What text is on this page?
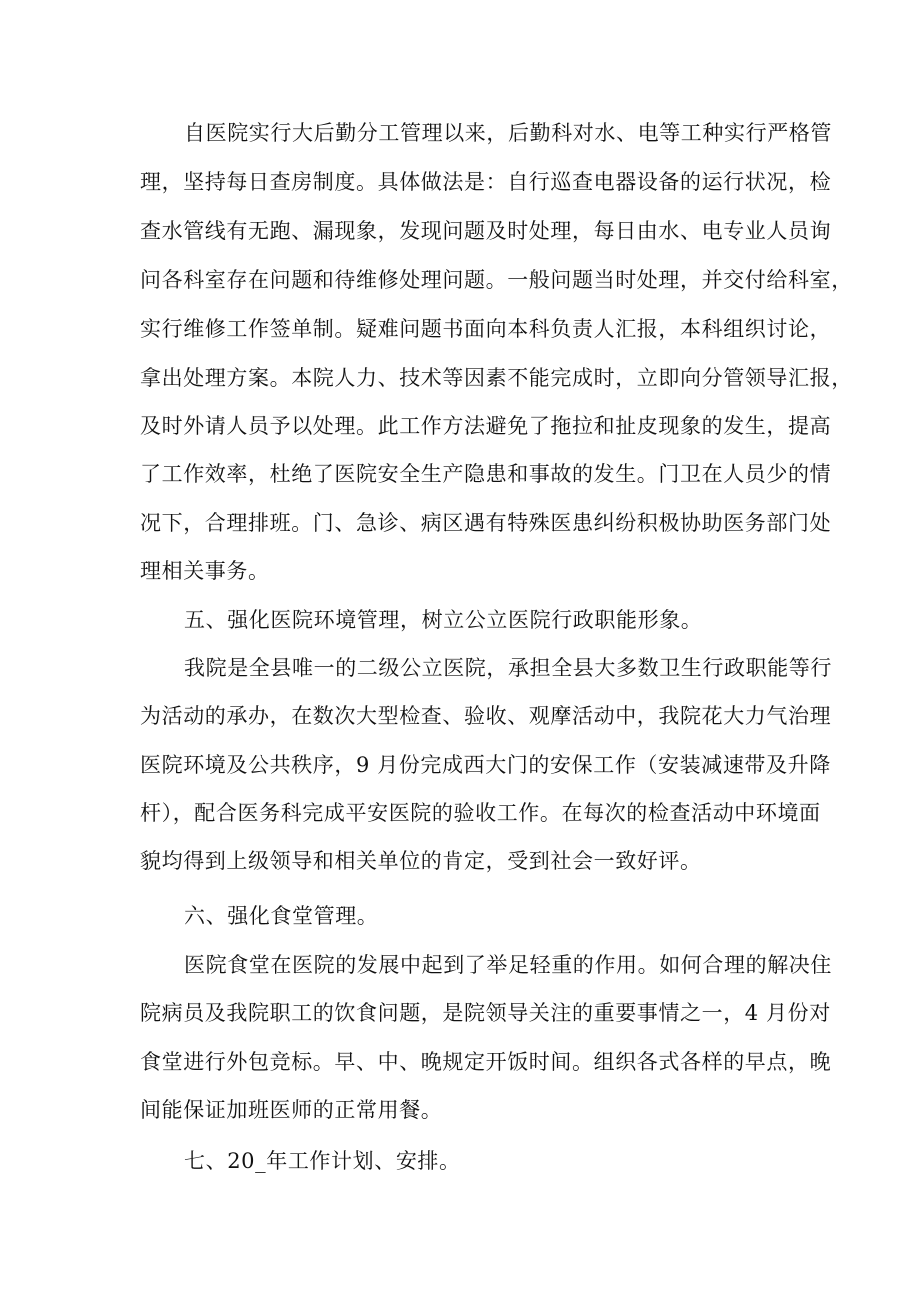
自医院实行大后勤分工管理以来，后勤科对水、电等工种实行严格管
理，坚持每日查房制度。具体做法是：自行巡查电器设备的运行状况，检
查水管线有无跑、漏现象，发现问题及时处理，每日由水、电专业人员询
问各科室存在问题和待维修处理问题。一般问题当时处理，并交付给科室，
实行维修工作签单制。疑难问题书面向本科负责人汇报，本科组织讨论，
拿出处理方案。本院人力、技术等因素不能完成时，立即向分管领导汇报，
及时外请人员予以处理。此工作方法避免了拖拉和扯皮现象的发生，提高
了工作效率，杜绝了医院安全生产隐患和事故的发生。门卫在人员少的情
况下，合理排班。门、急诊、病区遇有特殊医患纠纷积极协助医务部门处
理相关事务。
五、强化医院环境管理，树立公立医院行政职能形象。
我院是全县唯一的二级公立医院，承担全县大多数卫生行政职能等行
为活动的承办，在数次大型检查、验收、观摩活动中，我院花大力气治理
医院环境及公共秩序，9 月份完成西大门的安保工作（安装减速带及升降
杆），配合医务科完成平安医院的验收工作。在每次的检查活动中环境面
貌均得到上级领导和相关单位的肯定，受到社会一致好评。
六、强化食堂管理。
医院食堂在医院的发展中起到了举足轻重的作用。如何合理的解决住
院病员及我院职工的饮食问题，是院领导关注的重要事情之一，4 月份对
食堂进行外包竞标。早、中、晚规定开饭时间。组织各式各样的早点，晚
间能保证加班医师的正常用餐。
七、20_年工作计划、安排。
